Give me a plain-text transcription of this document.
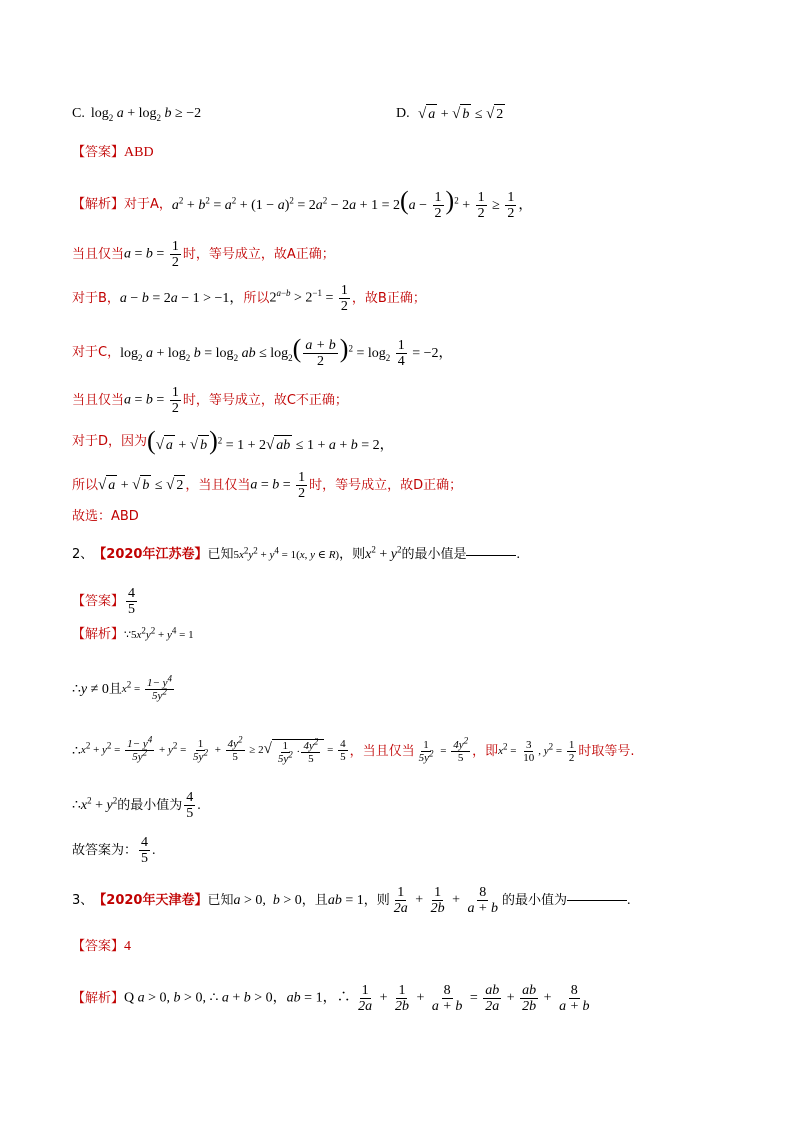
C. $\log_2 a + \log_2 b \ge -2$	D. √ a + √ b ≤ √ 2
【答案】 ABD
【解析】 对于A， $a^2 + b^2 = a^2 + (1 - a)^2 = 2a^2 - 2a + 1 = 2(a - \frac{1}{2} )^2 + \frac{1}{2} \ge \frac{1}{2}$ ，
当且仅当 $a = b = \frac{1}{2}$ 时，等号成立，故A正确；
对于B， a − b = 2a − 1 > −1， 所以 $2^{a-b} > 2^{-1} = \frac{1}{2}$ ，故B正确；
对于C， $\log_2 a + \log_2 b = \log_2$ ab ≤ $\log_2( \frac{a + b}{2} )^2 = \log_2 \frac{1}{4} = -2$，
当且仅当 $a = b = \frac{1}{2}$ 时，等号成立，故C不正确；
对于D，因为 ( √ a + √ b )$^2$ = 1 + 2 √ ab ≤ 1 + a + b = 2，
所以 √ a + √ b ≤ √ 2 ，当且仅当 $a = b = \frac{1}{2}$ 时，等号成立，故D正确；
故选：ABD
2、 【2020年江苏卷】 已知 $5x^2y^2 + y^4 = 1(x$, y ∈ R) ，则 $x^2 + y^2$ 的最小值是	.
【答案】 $\frac{4}{5}$
【解析】 ∵ $5x^2y^2 + y^4 = 1$
∴ y ≠ 0 且 $x^2 = \frac{1- y^4}{5y^2}$
∴ $x^2 + y^2 = \frac{1- y^4}{5y^2} + y^2 = \frac{1}{5y^2} + \frac{4y^2}{5} \ge 2$ √ $\frac{1}{5y^2} \cdot \frac{4y^2}{5} = \frac{4}{5}$ ，当且仅当 $\frac{1}{5y^2} = \frac{4y^2}{5}$ ，即 $x^2 = \frac{3}{10}$ , $y^2 = \frac{1}{2}$ 时取等号.
∴ $x^2 + y^2$ 的最小值为 $\frac{4}{5}$ .
故答案为： $\frac{4}{5}$ .
3、 【2020年天津卷】 已知 a > 0,  b > 0 ，且 ab = 1 ，则 $\frac{1}{2a} + \frac{1}{2b} + \frac{8}{a + b}$ 的最小值为	.
【答案】 4
【解析】 Q a > 0, b > 0, ∴ a + b > 0，ab = 1，∴ $\frac{1}{2a} + \frac{1}{2b} + \frac{8}{a + b} = \frac{ab}{2a} + \frac{ab}{2b} + \frac{8}{a + b}$
